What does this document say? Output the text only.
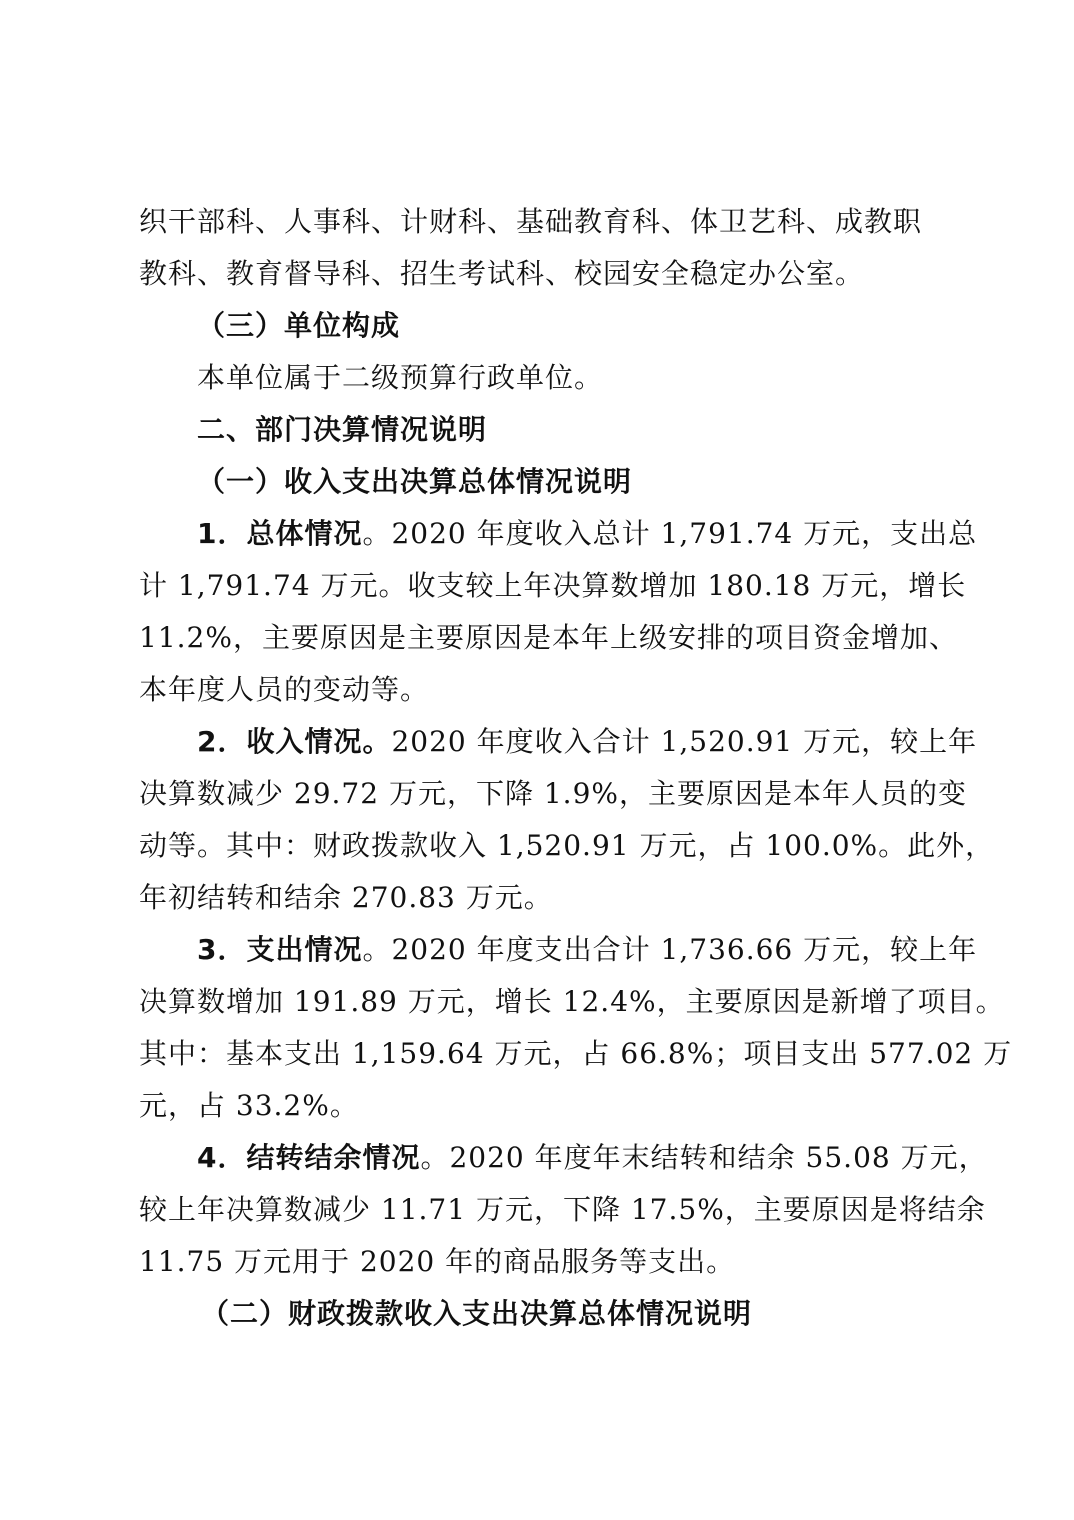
织干部科、人事科、计财科、基础教育科、体卫艺科、成教职
教科、教育督导科、招生考试科、校园安全稳定办公室。
（三）单位构成
本单位属于二级预算行政单位。
二、部门决算情况说明
（一）收入支出决算总体情况说明
1．总体情况。2020 年度收入总计 1,791.74 万元，支出总
计 1,791.74 万元。收支较上年决算数增加 180.18 万元，增长
11.2%，主要原因是主要原因是本年上级安排的项目资金增加、
本年度人员的变动等。
2．收入情况。2020 年度收入合计 1,520.91 万元，较上年
决算数减少 29.72 万元，下降 1.9%，主要原因是本年人员的变
动等。其中：财政拨款收入 1,520.91 万元，占 100.0%。此外，
年初结转和结余 270.83 万元。
3．支出情况。2020 年度支出合计 1,736.66 万元，较上年
决算数增加 191.89 万元，增长 12.4%，主要原因是新增了项目。
其中：基本支出 1,159.64 万元，占 66.8%；项目支出 577.02 万
元，占 33.2%。
4．结转结余情况。2020 年度年末结转和结余 55.08 万元，
较上年决算数减少 11.71 万元，下降 17.5%，主要原因是将结余
11.75 万元用于 2020 年的商品服务等支出。
（二）财政拨款收入支出决算总体情况说明
